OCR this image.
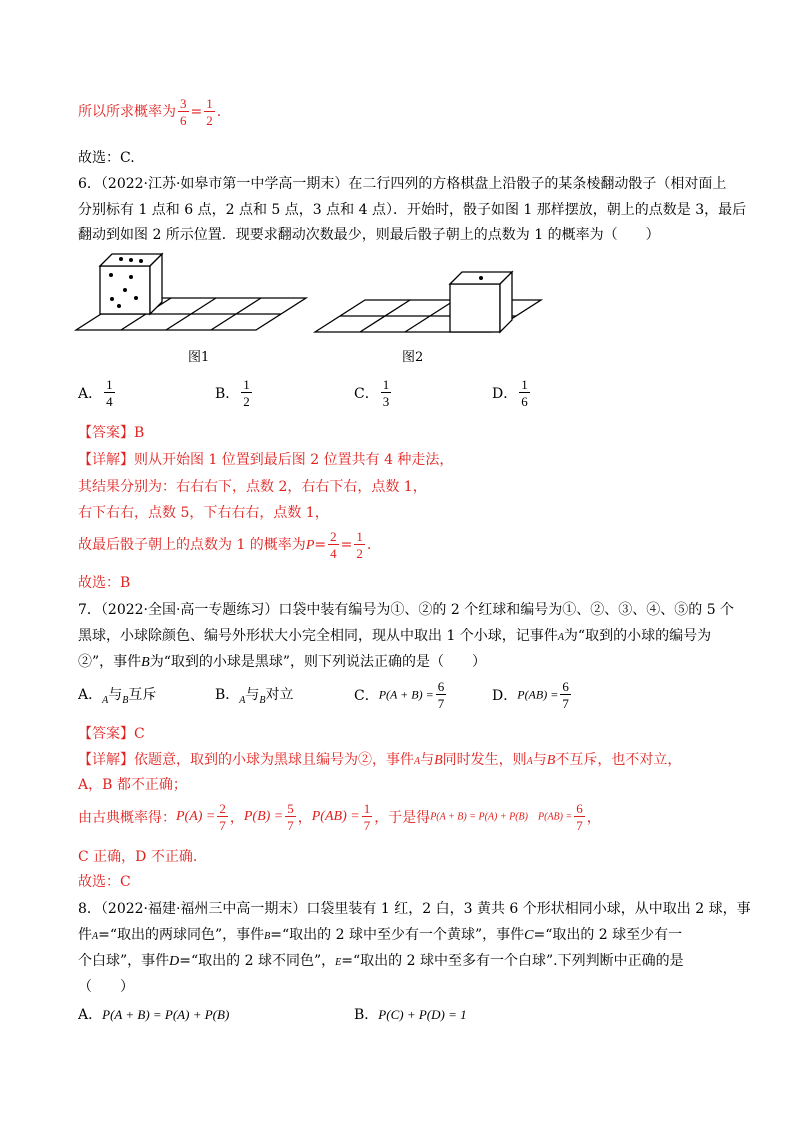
所以所求概率为 $\frac{3}{6} = \frac{1}{2}$ .
故选：C.
6．（2022·江苏·如皋市第一中学高一期末）在二行四列的方格棋盘上沿骰子的某条棱翻动骰子（相对面上
分别标有 1 点和 6 点，2 点和 5 点，3 点和 4 点）．开始时，骰子如图 1 那样摆放，朝上的点数是 3，最后
翻动到如图 2 所示位置．现要求翻动次数最少，则最后骰子朝上的点数为 1 的概率为（　　）
图1	图2
A． $\frac{1}{4}$	B． $\frac{1}{2}$	C． $\frac{1}{3}$	D． $\frac{1}{6}$
【答案】B
【详解】则从开始图 1 位置到最后图 2 位置共有 4 种走法，
其结果分别为：右右右下，点数 2，右右下右，点数 1，
右下右右，点数 5，下右右右，点数 1，
故最后骰子朝上的点数为 1 的概率为$P= \frac{2}{4} = \frac{1}{2}$ .
故选：B
7．（2022·全国·高一专题练习）口袋中装有编号为①、②的 2 个红球和编号为①、②、③、④、⑤的 5 个
黑球，小球除颜色、编号外形状大小完全相同，现从中取出 1 个小球，记事件A为“取到的小球的编号为
②”，事件B为“取到的小球是黑球”，则下列说法正确的是（　　）
A．$_A$与$_B$互斥	B．$_A$与$_B$对立	C．$P(A + B) = \frac{6}{7}$	D．$P(AB) = \frac{6}{7}$
【答案】C
【详解】依题意，取到的小球为黑球且编号为②，事件A与B同时发生，则A与B不互斥，也不对立，
A，B 都不正确；
由古典概率得：$P(A) = \frac{2}{7}$ ，$P(B) = \frac{5}{7}$ ，$P(AB) = \frac{1}{7}$ ，于是得P(A + B) = P(A) + P(B) $P(AB) = \frac{6}{7}$ ，
C 正确，D 不正确.
故选：C
8．（2022·福建·福州三中高一期末）口袋里装有 1 红，2 白，3 黄共 6 个形状相同小球，从中取出 2 球，事
件A=“取出的两球同色”，事件B=“取出的 2 球中至少有一个黄球”，事件C=“取出的 2 球至少有一
个白球”，事件D=“取出的 2 球不同色”，E=“取出的 2 球中至多有一个白球”.下列判断中正确的是
（　　）
A．P(A + B) = P(A) + P(B)	B．P(C) + P(D) = 1
